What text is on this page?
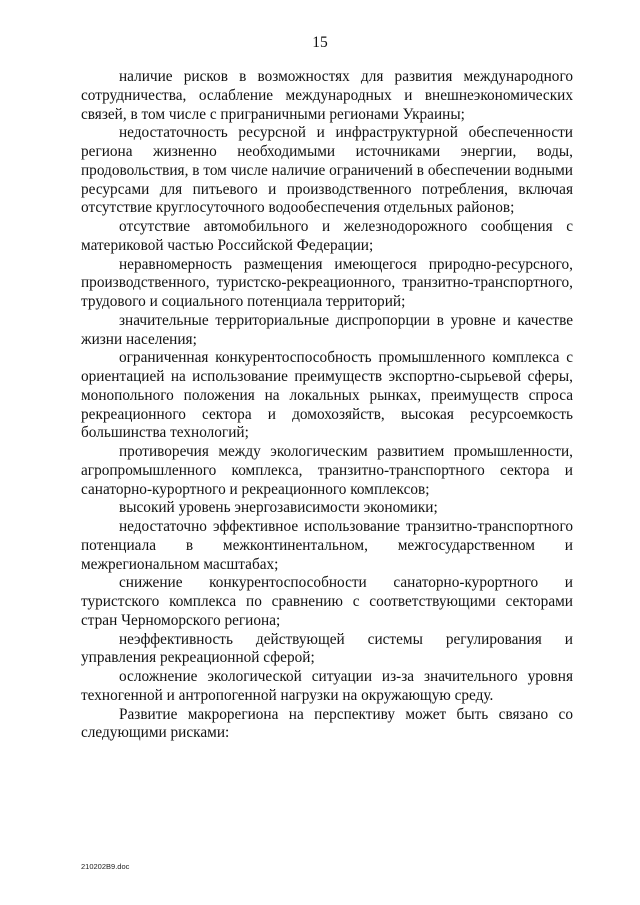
15

наличие рисков в возможностях для развития международного сотрудничества, ослабление международных и внешнеэкономических связей, в том числе с приграничными регионами Украины;

недостаточность ресурсной и инфраструктурной обеспеченности региона жизненно необходимыми источниками энергии, воды, продовольствия, в том числе наличие ограничений в обеспечении водными ресурсами для питьевого и производственного потребления, включая отсутствие круглосуточного водообеспечения отдельных районов;

отсутствие автомобильного и железнодорожного сообщения с материковой частью Российской Федерации;

неравномерность размещения имеющегося природно-ресурсного, производственного, туристско-рекреационного, транзитно-транспортного, трудового и социального потенциала территорий;

значительные территориальные диспропорции в уровне и качестве жизни населения;

ограниченная конкурентоспособность промышленного комплекса с ориентацией на использование преимуществ экспортно-сырьевой сферы, монопольного положения на локальных рынках, преимуществ спроса рекреационного сектора и домохозяйств, высокая ресурсоемкость большинства технологий;

противоречия между экологическим развитием промышленности, агропромышленного комплекса, транзитно-транспортного сектора и санаторно-курортного и рекреационного комплексов;

высокий уровень энергозависимости экономики;

недостаточно эффективное использование транзитно-транспортного потенциала в межконтинентальном, межгосударственном и межрегиональном масштабах;

снижение конкурентоспособности санаторно-курортного и туристского комплекса по сравнению с соответствующими секторами стран Черноморского региона;

неэффективность действующей системы регулирования и управления рекреационной сферой;

осложнение экологической ситуации из-за значительного уровня техногенной и антропогенной нагрузки на окружающую среду.

Развитие макрорегиона на перспективу может быть связано со следующими рисками:

210202B9.doc
